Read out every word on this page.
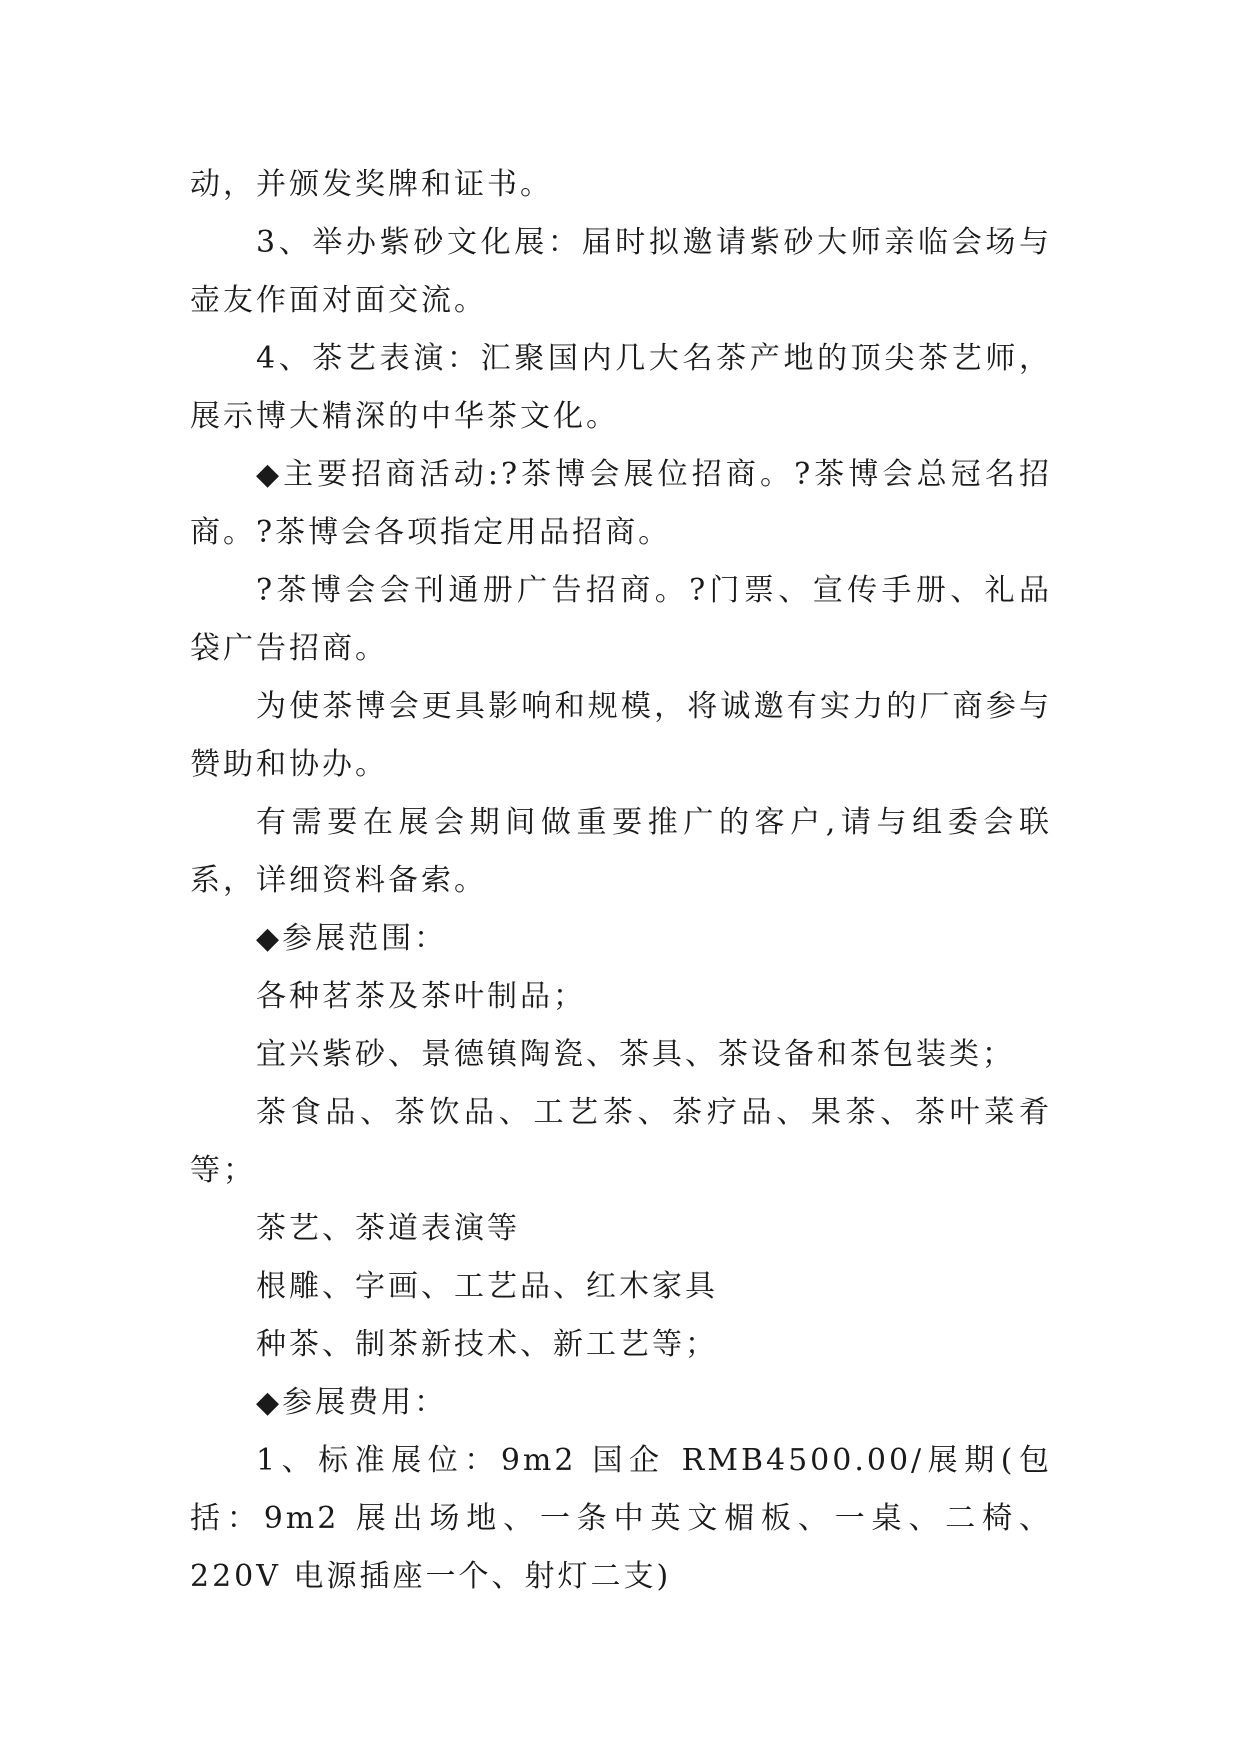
动，并颁发奖牌和证书。

3、举办紫砂文化展：届时拟邀请紫砂大师亲临会场与壶友作面对面交流。

4、茶艺表演：汇聚国内几大名茶产地的顶尖茶艺师，展示博大精深的中华茶文化。

◆主要招商活动:?茶博会展位招商。?茶博会总冠名招商。?茶博会各项指定用品招商。

?茶博会会刊通册广告招商。?门票、宣传手册、礼品袋广告招商。

为使茶博会更具影响和规模，将诚邀有实力的厂商参与赞助和协办。

有需要在展会期间做重要推广的客户,请与组委会联系，详细资料备索。

◆参展范围：

各种茗茶及茶叶制品；

宜兴紫砂、景德镇陶瓷、茶具、茶设备和茶包装类；

茶食品、茶饮品、工艺茶、茶疗品、果茶、茶叶菜肴等；

茶艺、茶道表演等

根雕、字画、工艺品、红木家具

种茶、制茶新技术、新工艺等；

◆参展费用：

1、标准展位：9m2 国企 RMB4500.00/展期(包括：9m2 展出场地、一条中英文楣板、一桌、二椅、220V 电源插座一个、射灯二支)
